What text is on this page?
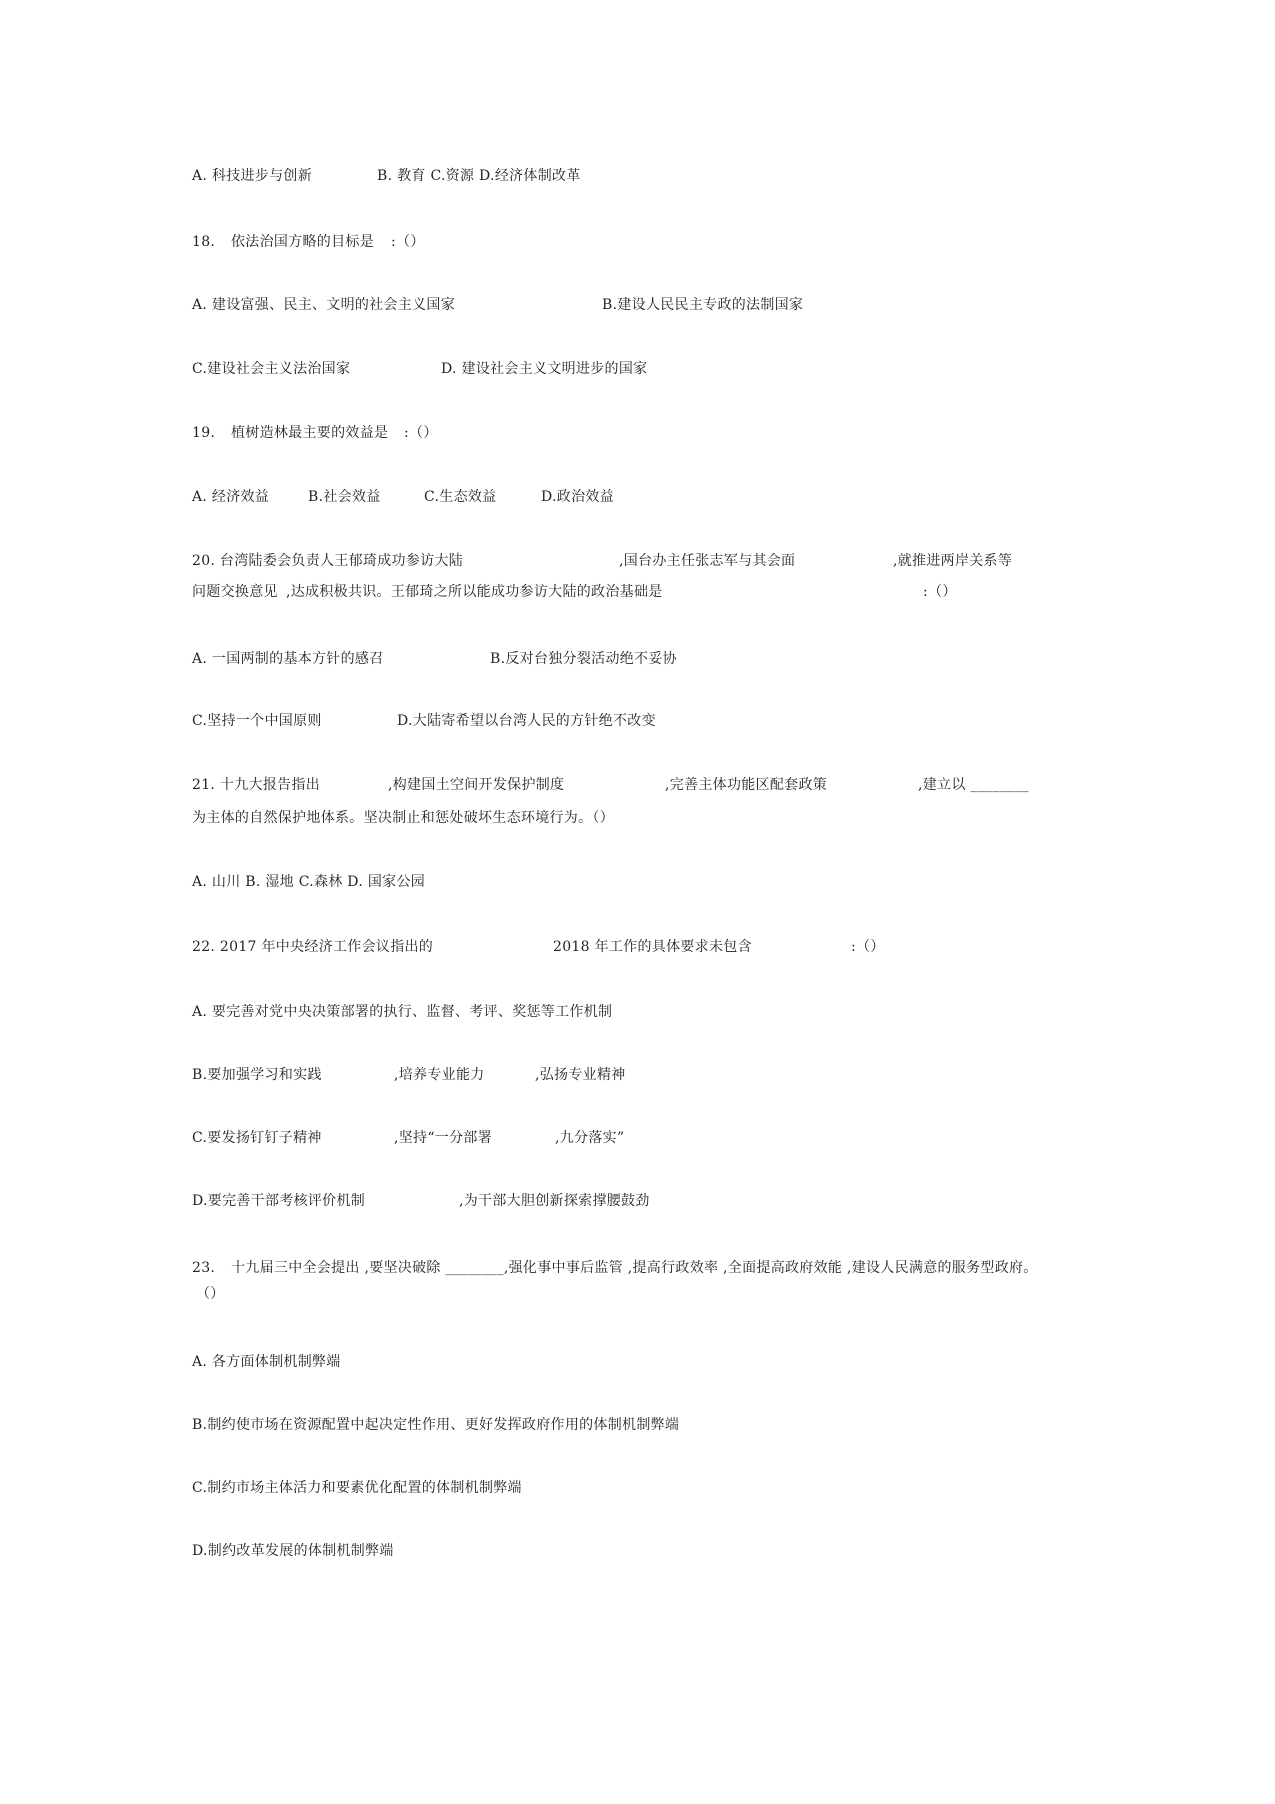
A. 科技进步与创新	B. 教育 C.资源 D.经济体制改革
18. 依法治国方略的目标是 :（）
A. 建设富强、民主、文明的社会主义国家	B.建设人民民主专政的法制国家
C.建设社会主义法治国家	D. 建设社会主义文明进步的国家
19. 植树造林最主要的效益是 :（）
A. 经济效益	B.社会效益	C.生态效益	D.政治效益
20. 台湾陆委会负责人王郁琦成功参访大陆	,国台办主任张志军与其会面	,就推进两岸关系等
问题交换意见 ,达成积极共识。王郁琦之所以能成功参访大陆的政治基础是	:（）
A. 一国两制的基本方针的感召	B.反对台独分裂活动绝不妥协
C.坚持一个中国原则	D.大陆寄希望以台湾人民的方针绝不改变
21. 十九大报告指出	,构建国土空间开发保护制度	,完善主体功能区配套政策	,建立以 ________
为主体的自然保护地体系。坚决制止和惩处破坏生态环境行为。（）
A. 山川 B. 湿地 C.森林 D. 国家公园
22. 2017 年中央经济工作会议指出的	2018 年工作的具体要求未包含	:（）
A. 要完善对党中央决策部署的执行、监督、考评、奖惩等工作机制
B.要加强学习和实践	,培养专业能力	,弘扬专业精神
C.要发扬钉钉子精神	,坚持“一分部署	,九分落实”
D.要完善干部考核评价机制	,为干部大胆创新探索撑腰鼓劲
23. 十九届三中全会提出 ,要坚决破除 ________,强化事中事后监管 ,提高行政效率 ,全面提高政府效能 ,建设人民满意的服务型政府。
（）
A. 各方面体制机制弊端
B.制约使市场在资源配置中起决定性作用、更好发挥政府作用的体制机制弊端
C.制约市场主体活力和要素优化配置的体制机制弊端
D.制约改革发展的体制机制弊端
